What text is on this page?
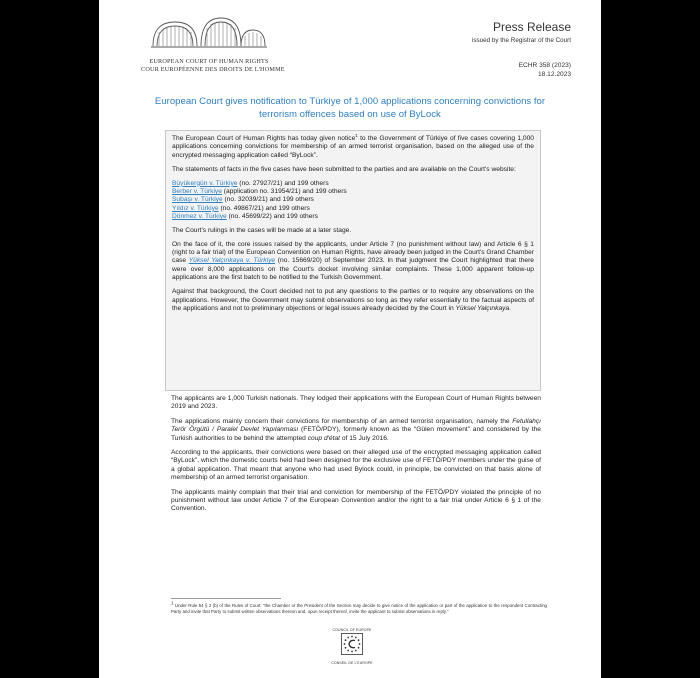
EUROPEAN COURT OF HUMAN RIGHTS
COUR EUROPÉENNE DES DROITS DE L'HOMME
Press Release
issued by the Registrar of the Court
ECHR 358 (2023)
18.12.2023
European Court gives notification to Türkiye of 1,000 applications concerning convictions for terrorism offences based on use of ByLock

The European Court of Human Rights has today given notice$^1$ to the Government of Türkiye of five cases covering 1,000 applications concerning convictions for membership of an armed terrorist organisation, based on the alleged use of the encrypted messaging application called “ByLock”.

The statements of facts in the five cases have been submitted to the parties and are available on the Court's website:

Büyükergün v. Türkiye (no. 27927/21) and 199 others
Berber v. Türkiye (application no. 31954/21) and 199 others
Subaşı v. Türkiye (no. 32039/21) and 199 others
Yıldız v. Türkiye (no. 49867/21) and 199 others
Dönmez v. Türkiye (no. 45699/22) and 199 others

The Court's rulings in the cases will be made at a later stage.

On the face of it, the core issues raised by the applicants, under Article 7 (no punishment without law) and Article 6 § 1 (right to a fair trial) of the European Convention on Human Rights, have already been judged in the Court's Grand Chamber case Yüksel Yalçınkaya v. Türkiye (no. 15669/20) of September 2023. In that judgment the Court highlighted that there were over 8,000 applications on the Court's docket involving similar complaints. These 1,000 apparent follow-up applications are the first batch to be notified to the Turkish Government.

Against that background, the Court decided not to put any questions to the parties or to require any observations on the applications. However, the Government may submit observations so long as they refer essentially to the factual aspects of the applications and not to preliminary objections or legal issues already decided by the Court in Yüksel Yalçınkaya.

The applicants are 1,000 Turkish nationals. They lodged their applications with the European Court of Human Rights between 2019 and 2023.

The applications mainly concern their convictions for membership of an armed terrorist organisation, namely the Fetullahçı Terör Örgütü / Paralel Devlet Yapılanması (FETÖ/PDY), formerly known as the “Gülen movement” and considered by the Turkish authorities to be behind the attempted coup d'état of 15 July 2016.

According to the applicants, their convictions were based on their alleged use of the encrypted messaging application called “ByLock”, which the domestic courts held had been designed for the exclusive use of FETÖ/PDY members under the guise of a global application. That meant that anyone who had used Bylock could, in principle, be convicted on that basis alone of membership of an armed terrorist organisation.

The applicants mainly complain that their trial and conviction for membership of the FETÖ/PDY violated the principle of no punishment without law under Article 7 of the European Convention and/or the right to a fair trial under Article 6 § 1 of the Convention.

$^1$ Under Rule 54 § 2 (b) of the Rules of Court: “the Chamber or the President of the Section may decide to give notice of the application or part of the application to the respondent Contracting Party and invite that Party to submit written observations thereon and, upon receipt thereof, invite the applicant to submit observations in reply.”
COUNCIL OF EUROPE
CONSEIL DE L'EUROPE
